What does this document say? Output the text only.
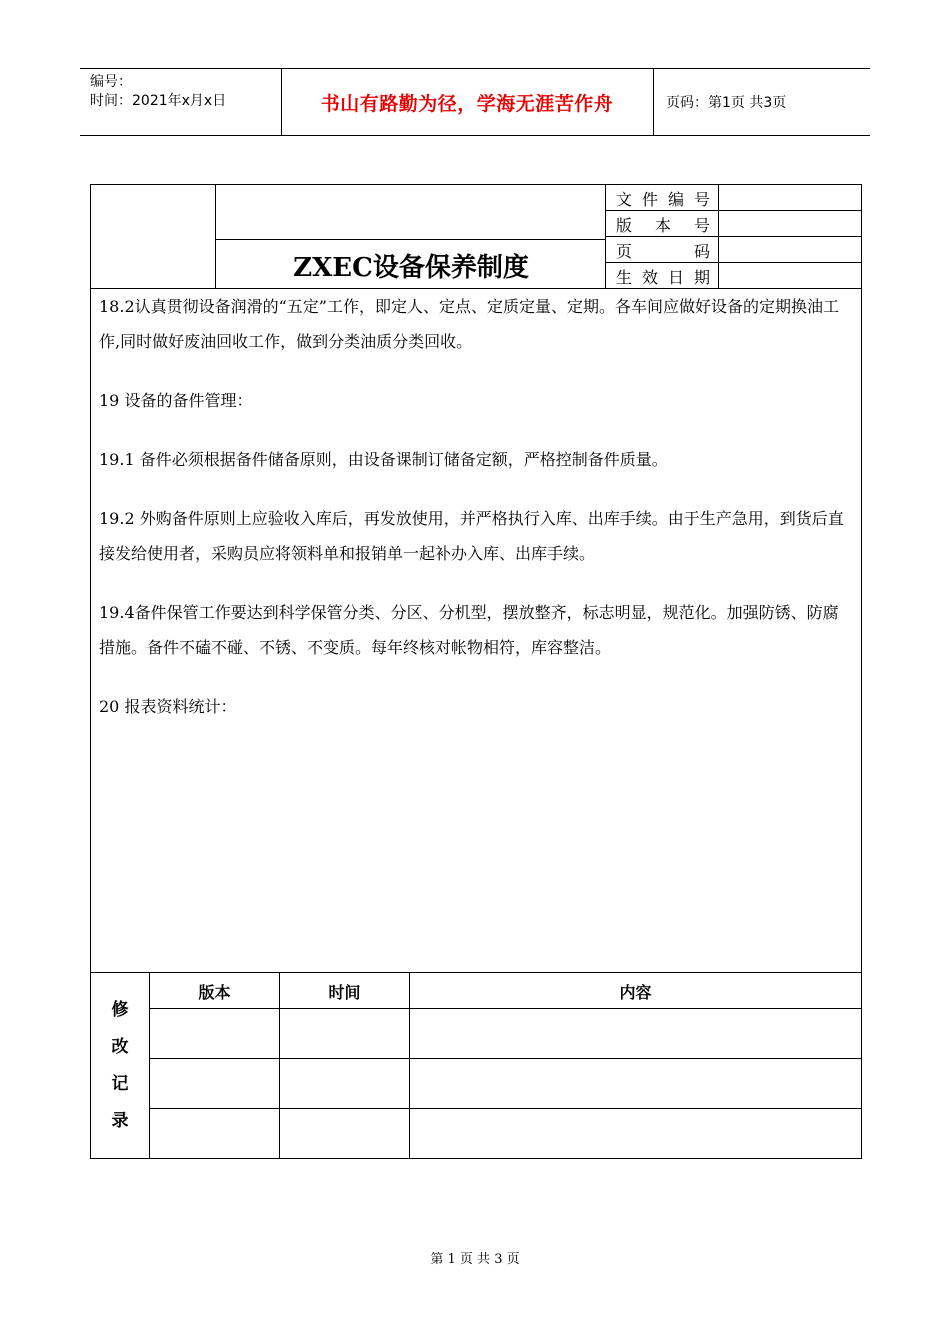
编号：
时间：2021年x月x日	书山有路勤为径，学海无涯苦作舟	页码：第1页 共3页
ZXEC设备保养制度
文 件 编 号
版 本 号
页	码
生 效 日 期

18.2认真贯彻设备润滑的“五定”工作，即定人、定点、定质定量、定期。各车间应做好设备的定期换油工作,同时做好废油回收工作，做到分类油质分类回收。

19 设备的备件管理：

19.1 备件必须根据备件储备原则，由设备课制订储备定额，严格控制备件质量。

19.2 外购备件原则上应验收入库后，再发放使用，并严格执行入库、出库手续。由于生产急用，到货后直接发给使用者，采购员应将领料单和报销单一起补办入库、出库手续。

19.4备件保管工作要达到科学保管分类、分区、分机型，摆放整齐，标志明显，规范化。加强防锈、防腐措施。备件不磕不碰、不锈、不变质。每年终核对帐物相符，库容整洁。

20 报表资料统计：

修
改
记
录
版本	时间	内容
第 1 页 共 3 页
